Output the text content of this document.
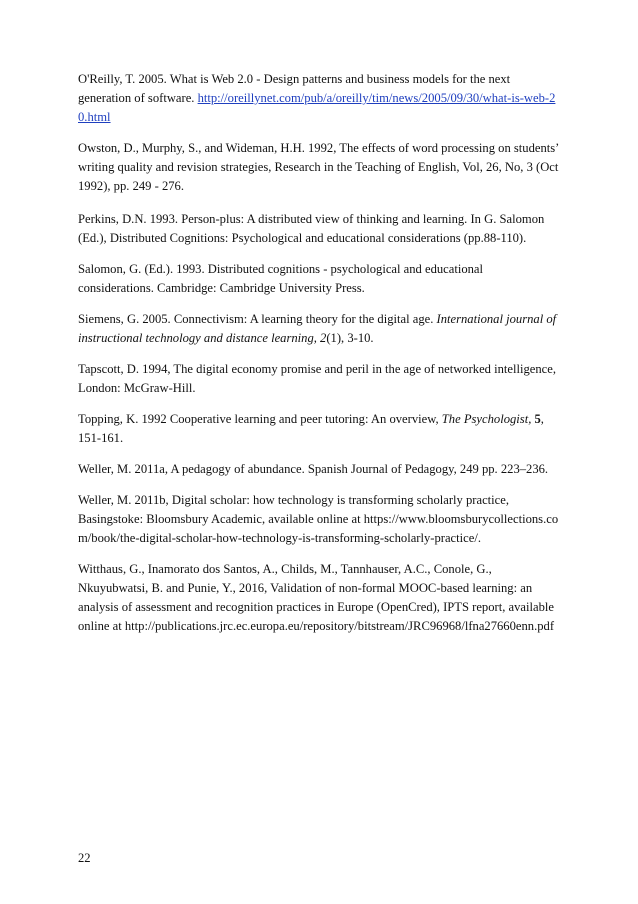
O'Reilly, T. 2005. What is Web 2.0 - Design patterns and business models for the next generation of software. http://oreillynet.com/pub/a/oreilly/tim/news/2005/09/30/what-is-web-20.html

Owston, D., Murphy, S., and Wideman, H.H. 1992, The effects of word processing on students’ writing quality and revision strategies, Research in the Teaching of English, Vol, 26, No, 3 (Oct 1992), pp. 249 - 276.

Perkins, D.N. 1993. Person-plus: A distributed view of thinking and learning. In G. Salomon (Ed.), Distributed Cognitions: Psychological and educational considerations (pp.88-110).

Salomon, G. (Ed.). 1993. Distributed cognitions - psychological and educational considerations. Cambridge: Cambridge University Press.

Siemens, G. 2005. Connectivism: A learning theory for the digital age. International journal of instructional technology and distance learning, 2(1), 3-10.

Tapscott, D. 1994, The digital economy promise and peril in the age of networked intelligence, London: McGraw-Hill.

Topping, K. 1992 Cooperative learning and peer tutoring: An overview, The Psychologist, 5, 151-161.

Weller, M. 2011a, A pedagogy of abundance. Spanish Journal of Pedagogy, 249 pp. 223–236.

Weller, M. 2011b, Digital scholar: how technology is transforming scholarly practice, Basingstoke: Bloomsbury Academic, available online at https://www.bloomsburycollections.com/book/the-digital-scholar-how-technology-is-transforming-scholarly-practice/.

Witthaus, G., Inamorato dos Santos, A., Childs, M., Tannhauser, A.C., Conole, G., Nkuyubwatsi, B. and Punie, Y., 2016, Validation of non-formal MOOC-based learning: an analysis of assessment and recognition practices in Europe (OpenCred), IPTS report, available online at http://publications.jrc.ec.europa.eu/repository/bitstream/JRC96968/lfna27660enn.pdf

22
